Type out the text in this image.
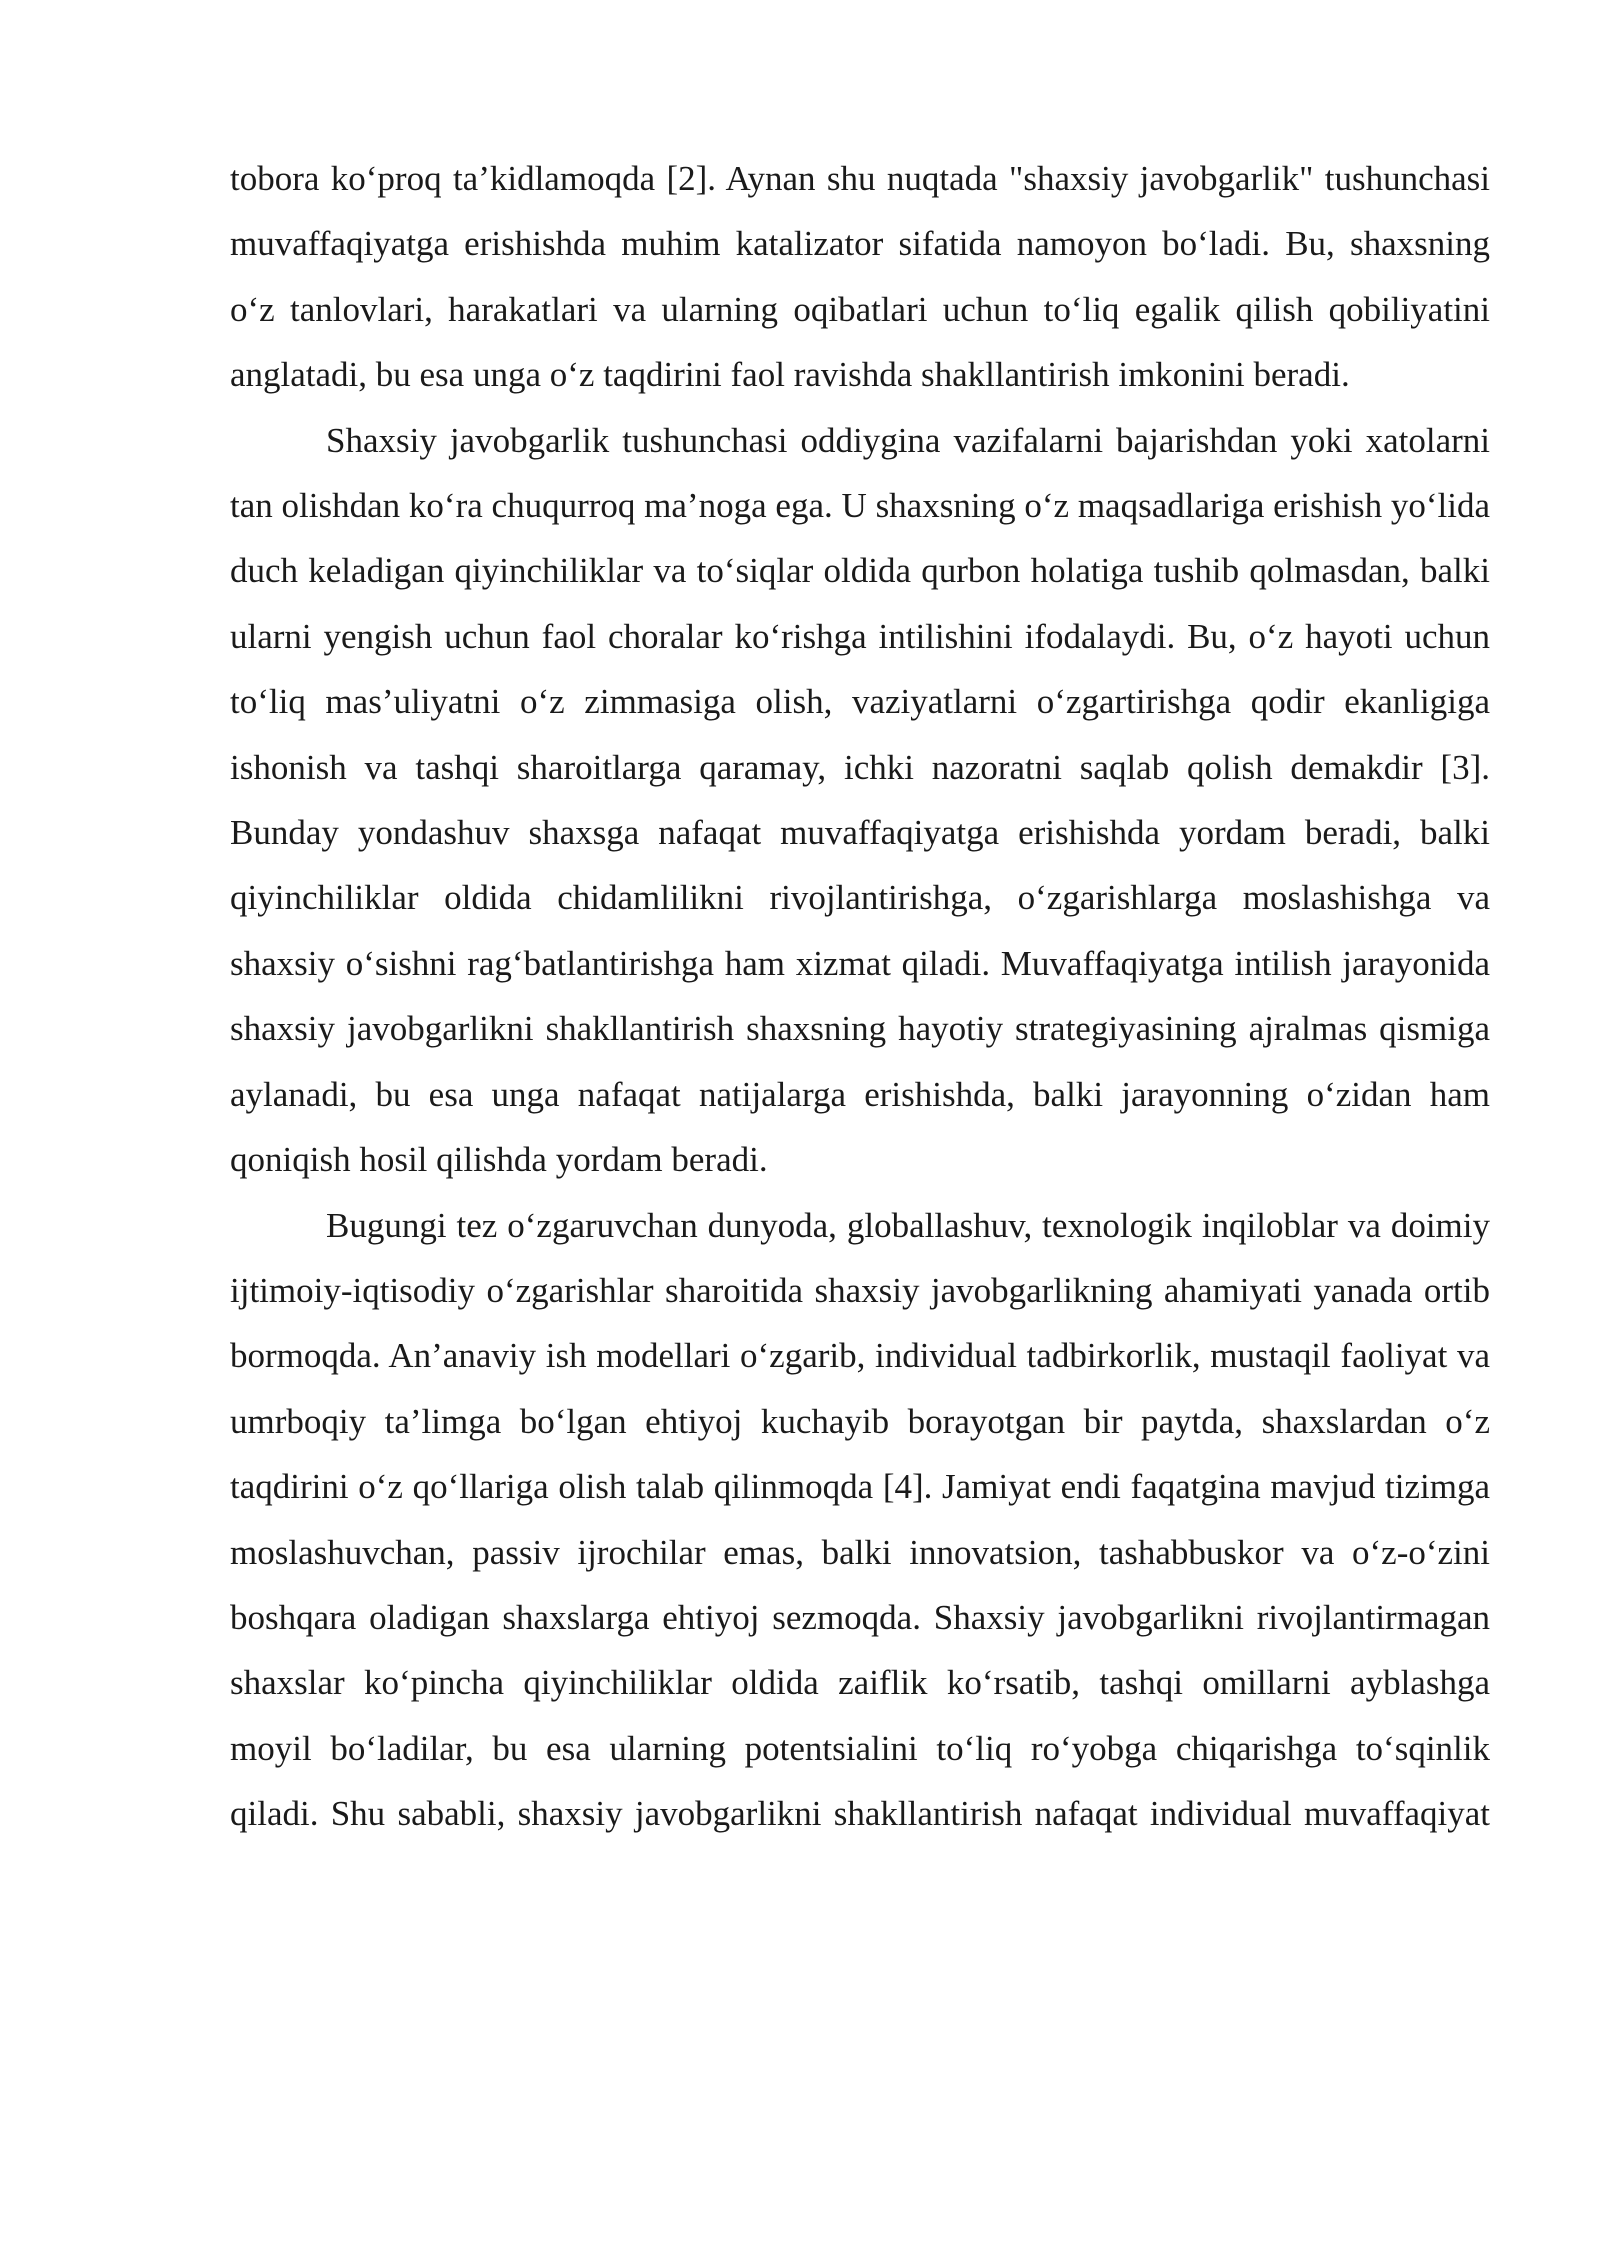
tobora ko‘proq ta’kidlamoqda [2]. Aynan shu nuqtada "shaxsiy javobgarlik" tushunchasi muvaffaqiyatga erishishda muhim katalizator sifatida namoyon bo‘ladi. Bu, shaxsning o‘z tanlovlari, harakatlari va ularning oqibatlari uchun to‘liq egalik qilish qobiliyatini anglatadi, bu esa unga o‘z taqdirini faol ravishda shakllantirish imkonini beradi.

Shaxsiy javobgarlik tushunchasi oddiygina vazifalarni bajarishdan yoki xatolarni tan olishdan ko‘ra chuqurroq ma’noga ega. U shaxsning o‘z maqsadlariga erishish yo‘lida duch keladigan qiyinchiliklar va to‘siqlar oldida qurbon holatiga tushib qolmasdan, balki ularni yengish uchun faol choralar ko‘rishga intilishini ifodalaydi. Bu, o‘z hayoti uchun to‘liq mas’uliyatni o‘z zimmasiga olish, vaziyatlarni o‘zgartirishga qodir ekanligiga ishonish va tashqi sharoitlarga qaramay, ichki nazoratni saqlab qolish demakdir [3]. Bunday yondashuv shaxsga nafaqat muvaffaqiyatga erishishda yordam beradi, balki qiyinchiliklar oldida chidamlilikni rivojlantirishga, o‘zgarishlarga moslashishga va shaxsiy o‘sishni rag‘batlantirishga ham xizmat qiladi. Muvaffaqiyatga intilish jarayonida shaxsiy javobgarlikni shakllantirish shaxsning hayotiy strategiyasining ajralmas qismiga aylanadi, bu esa unga nafaqat natijalarga erishishda, balki jarayonning o‘zidan ham qoniqish hosil qilishda yordam beradi.

Bugungi tez o‘zgaruvchan dunyoda, globallashuv, texnologik inqiloblar va doimiy ijtimoiy-iqtisodiy o‘zgarishlar sharoitida shaxsiy javobgarlikning ahamiyati yanada ortib bormoqda. An’anaviy ish modellari o‘zgarib, individual tadbirkorlik, mustaqil faoliyat va umrboqiy ta’limga bo‘lgan ehtiyoj kuchayib borayotgan bir paytda, shaxslardan o‘z taqdirini o‘z qo‘llariga olish talab qilinmoqda [4]. Jamiyat endi faqatgina mavjud tizimga moslashuvchan, passiv ijrochilar emas, balki innovatsion, tashabbuskor va o‘z-o‘zini boshqara oladigan shaxslarga ehtiyoj sezmoqda. Shaxsiy javobgarlikni rivojlantirmagan shaxslar ko‘pincha qiyinchiliklar oldida zaiflik ko‘rsatib, tashqi omillarni ayblashga moyil bo‘ladilar, bu esa ularning potentsialini to‘liq ro‘yobga chiqarishga to‘sqinlik qiladi. Shu sababli, shaxsiy javobgarlikni shakllantirish nafaqat individual muvaffaqiyat
